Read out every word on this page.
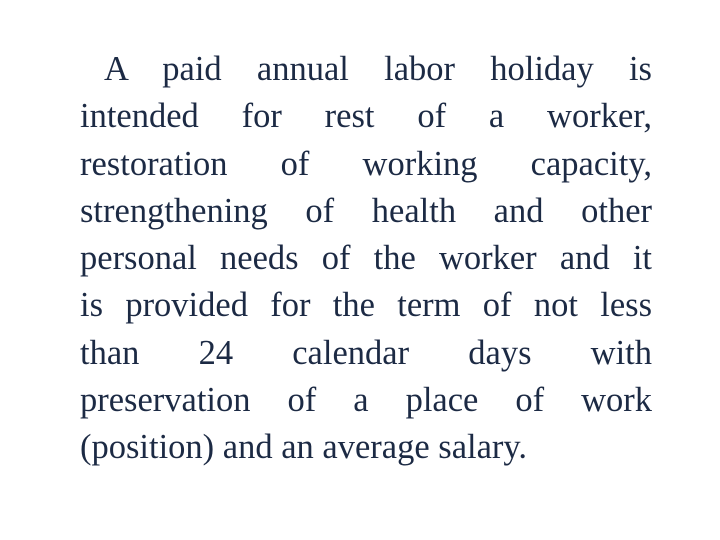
A paid annual labor holiday is
intended for rest of a worker,
restoration of working capacity,
strengthening of health and other
personal needs of the worker and it
is provided for the term of not less
than 24 calendar days with
preservation of a place of work
(position) and an average salary.
